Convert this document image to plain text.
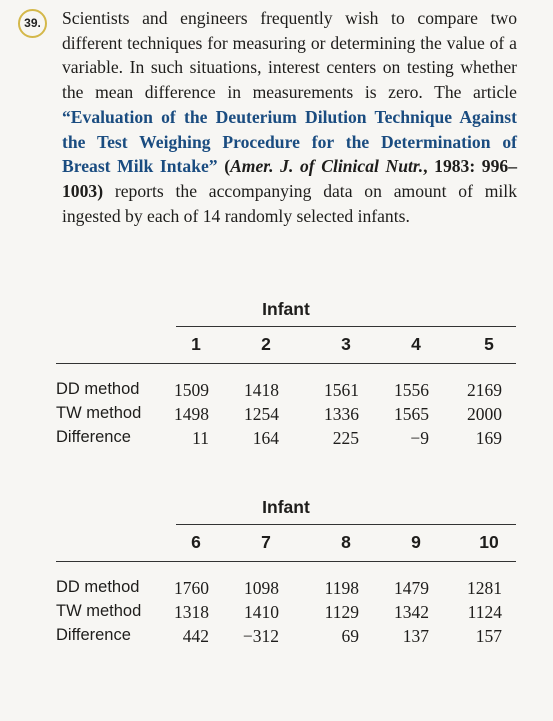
39.	Scientists and engineers frequently wish to compare two different techniques for measuring or determining the value of a variable. In such situations, interest centers on testing whether the mean difference in measurements is zero. The article “Evaluation of the Deuterium Dilution Technique Against the Test Weighing Procedure for the Determination of Breast Milk Intake” (Amer. J. of Clinical Nutr., 1983: 996–1003) reports the accompanying data on amount of milk ingested by each of 14 randomly selected infants.

Infant
1	2	3	4	5
DD method	1509	1418	1561	1556	2169
TW method	1498	1254	1336	1565	2000
Difference	11	164	225	−9	169
Infant
6	7	8	9	10
DD method	1760	1098	1198	1479	1281
TW method	1318	1410	1129	1342	1124
Difference	442	−312	69	137	157
